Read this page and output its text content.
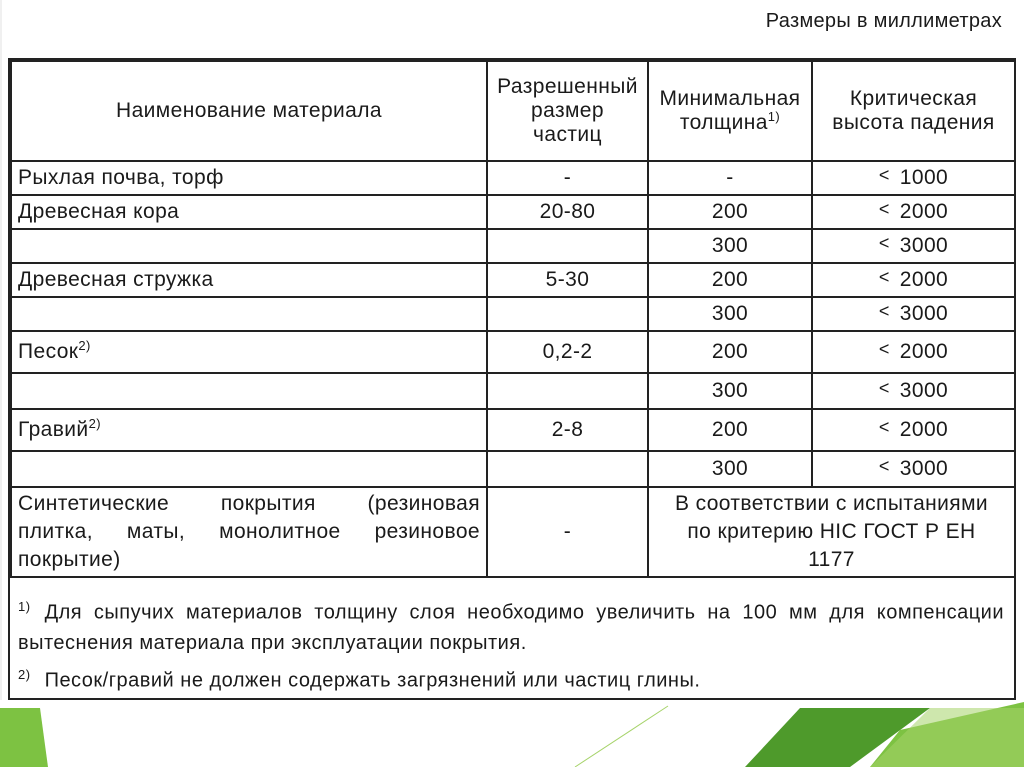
Размеры в миллиметрах
Наименование материала	Разрешенный размер частиц	Минимальная толщина$^{1)}$	Критическая высота падения
Рыхлая почва, торф	-	-	< 1000
Древесная кора	20-80	200	< 2000
		300	< 3000
Древесная стружка	5-30	200	< 2000
		300	< 3000
Песок$^{2)}$	0,2-2	200	< 2000
		300	< 3000
Гравий$^{2)}$	2-8	200	< 2000
		300	< 3000

Синтетические покрытия (резиновая
плитка, маты, монолитное резиновое
покрытие)	-	В соответствии с испытаниями
по критерию HIC ГОСТ Р ЕН
1177	
$^{1)}$ Для сыпучих материалов толщину слоя необходимо увеличить на 100 мм для компенсации вытеснения материала при эксплуатации покрытия.
$^{2)}$ Песок/гравий не должен содержать загрязнений или частиц глины.
